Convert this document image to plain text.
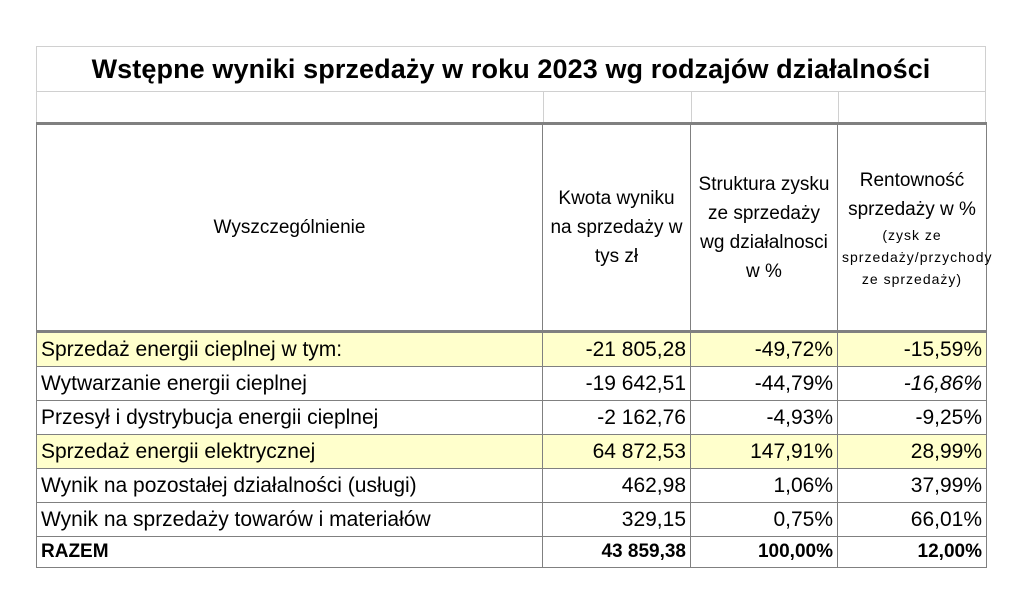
Wstępne wyniki sprzedaży w roku 2023 wg rodzajów działalności
Wyszczególnienie	Kwota wyniku na sprzedaży w tys zł	Struktura zysku ze sprzedaży wg działalnosci w %	Rentowność sprzedaży w %
(zysk ze sprzedaży/przychody ze sprzedaży)

Sprzedaż energii cieplnej w tym:	-21 805,28	-49,72%	-15,59%
Wytwarzanie energii cieplnej	-19 642,51	-44,79%	-16,86%
Przesył i dystrybucja energii cieplnej	-2 162,76	-4,93%	-9,25%
Sprzedaż energii elektrycznej	64 872,53	147,91%	28,99%
Wynik na pozostałej działalności (usługi)	462,98	1,06%	37,99%
Wynik na sprzedaży towarów i materiałów	329,15	0,75%	66,01%
RAZEM	43 859,38	100,00%	12,00%
